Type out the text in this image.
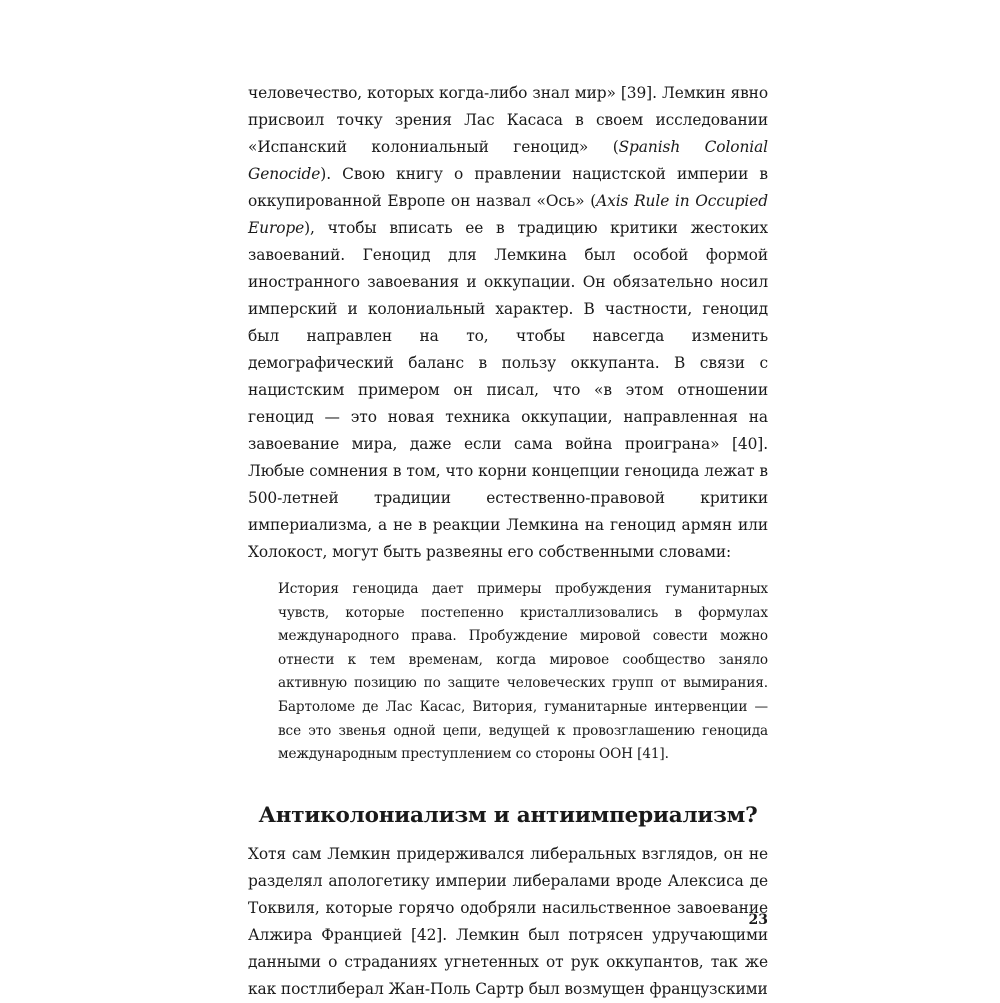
человечество, которых когда-либо знал мир» [39]. Лемкин явно присвоил точку зрения Лас Касаса в своем исследовании «Испанский колониальный геноцид» (Spanish Colonial Genocide). Свою книгу о правлении нацистской империи в оккупированной Европе он назвал «Ось» (Axis Rule in Occupied Europe), чтобы вписать ее в традицию критики жестоких завоеваний. Геноцид для Лемкина был особой формой иностранного завоевания и оккупации. Он обязательно носил имперский и колониальный характер. В частности, геноцид был направлен на то, чтобы навсегда изменить демографический баланс в пользу оккупанта. В связи с нацистским примером он писал, что «в этом отношении геноцид — это новая техника оккупации, направленная на завоевание мира, даже если сама война проиграна» [40]. Любые сомнения в том, что корни концепции геноцида лежат в 500-летней традиции естественно-правовой критики империализма, а не в реакции Лемкина на геноцид армян или Холокост, могут быть развеяны его собственными словами:

История геноцида дает примеры пробуждения гуманитарных чувств, которые постепенно кристаллизовались в формулах международного права. Пробуждение мировой совести можно отнести к тем временам, когда мировое сообщество заняло активную позицию по защите человеческих групп от вымирания. Бартоломе де Лас Касас, Витория, гуманитарные интервенции — все это звенья одной цепи, ведущей к провозглашению геноцида международным преступлением со стороны ООН [41].

Антиколониализм и антиимпериализм?

Хотя сам Лемкин придерживался либеральных взглядов, он не разделял апологетику империи либералами вроде Алексиса де Токвиля, которые горячо одобряли насильственное завоевание Алжира Францией [42]. Лемкин был потрясен удручающими данными о страданиях угнетенных от рук оккупантов, так же как постлиберал Жан-Поль Сартр был возмущен французскими

23
